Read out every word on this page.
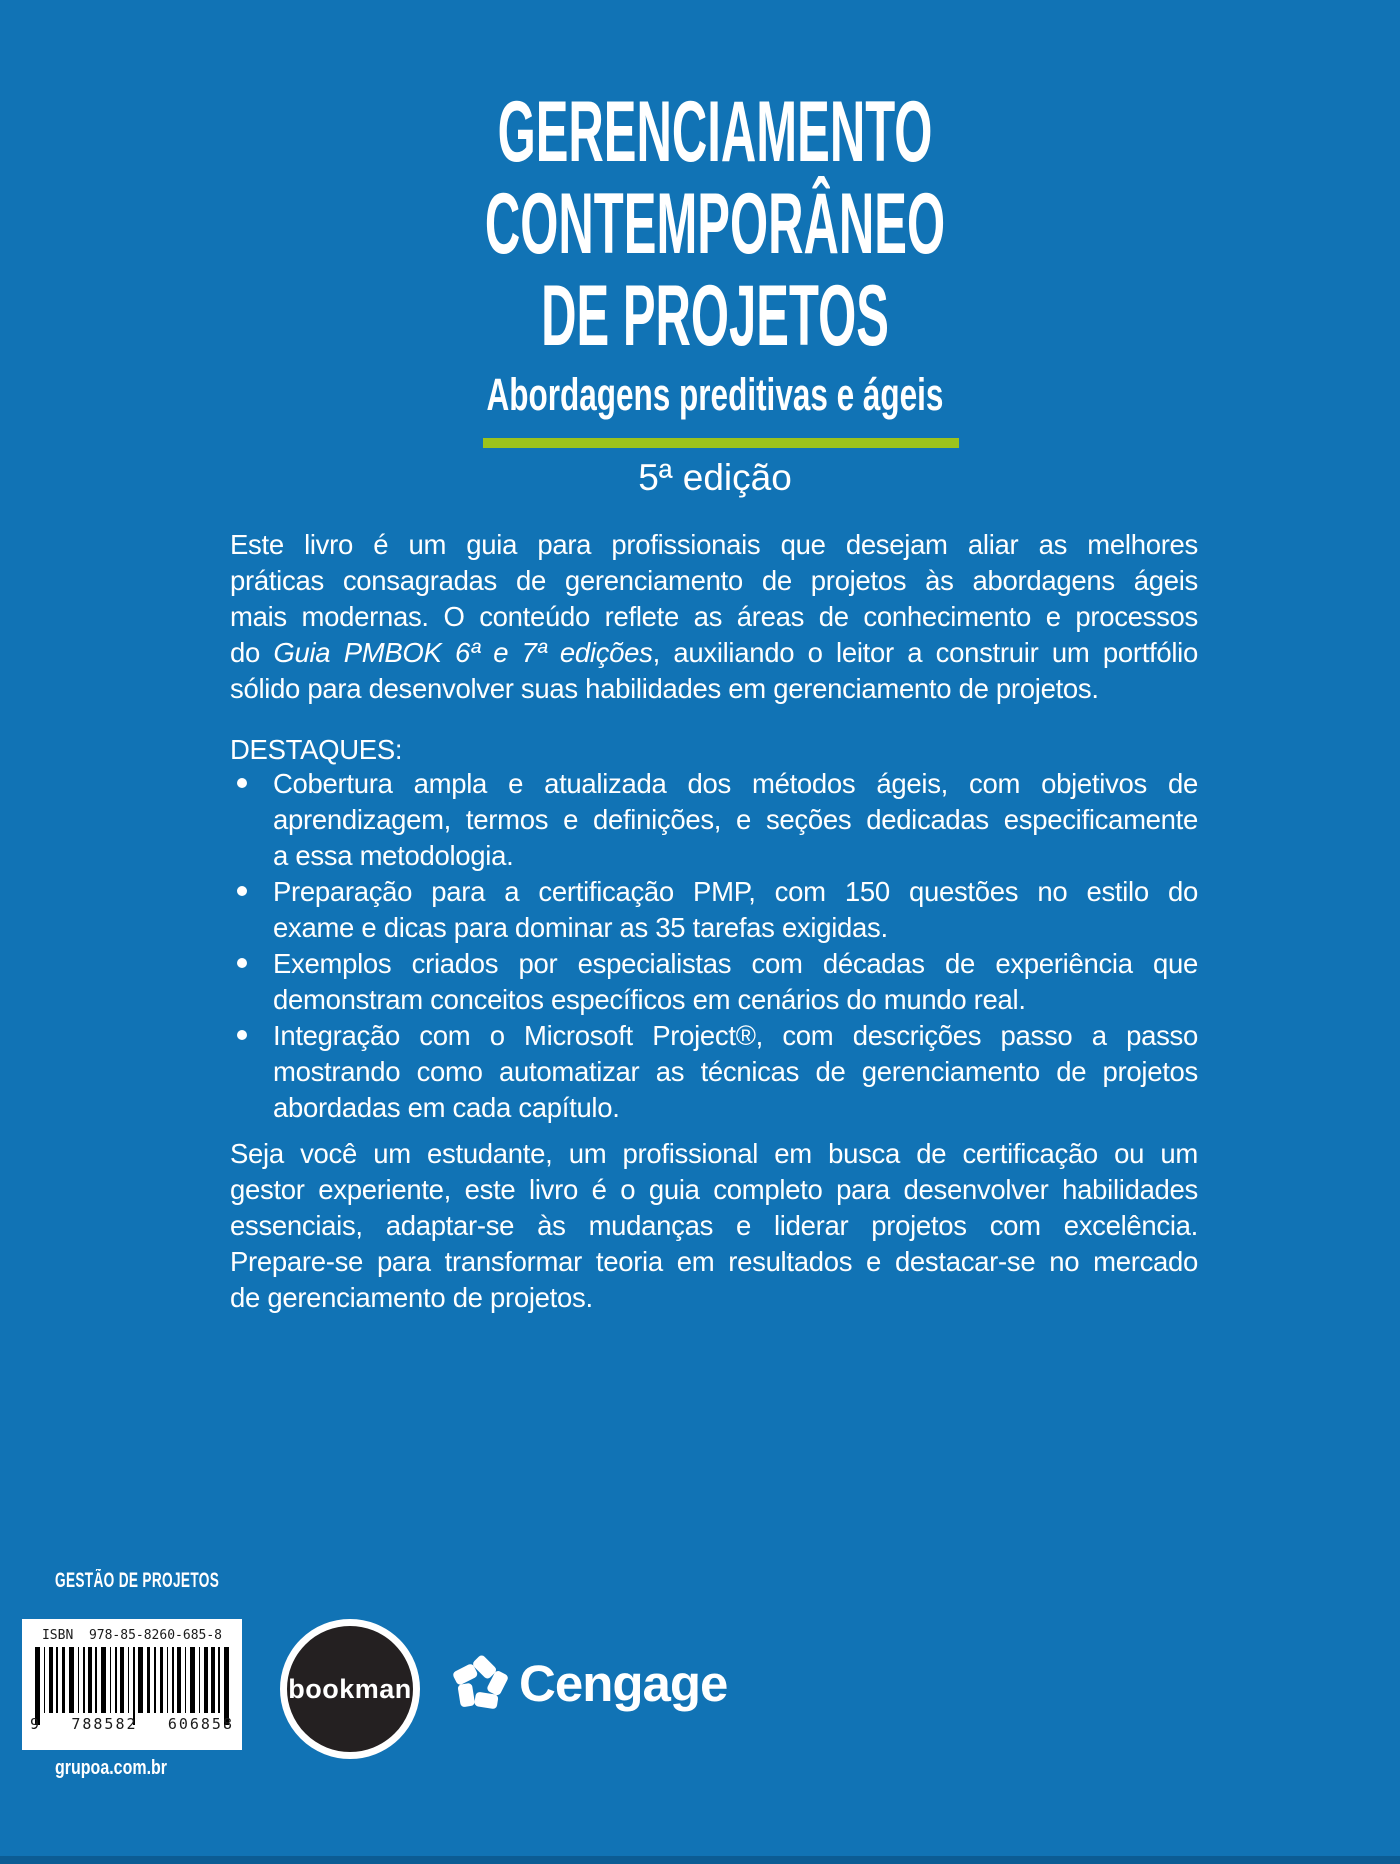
GERENCIAMENTO
CONTEMPORÂNEO
DE PROJETOS
Abordagens preditivas e ágeis
5ª edição
Este livro é um guia para profissionais que desejam aliar as melhores
práticas consagradas de gerenciamento de projetos às abordagens ágeis
mais modernas. O conteúdo reflete as áreas de conhecimento e processos
do Guia PMBOK 6ª e 7ª edições, auxiliando o leitor a construir um portfólio
sólido para desenvolver suas habilidades em gerenciamento de projetos.
DESTAQUES:
Cobertura ampla e atualizada dos métodos ágeis, com objetivos de
aprendizagem, termos e definições, e seções dedicadas especificamente
a essa metodologia.
Preparação para a certificação PMP, com 150 questões no estilo do
exame e dicas para dominar as 35 tarefas exigidas.
Exemplos criados por especialistas com décadas de experiência que
demonstram conceitos específicos em cenários do mundo real.
Integração com o Microsoft Project®, com descrições passo a passo
mostrando como automatizar as técnicas de gerenciamento de projetos
abordadas em cada capítulo.
Seja você um estudante, um profissional em busca de certificação ou um
gestor experiente, este livro é o guia completo para desenvolver habilidades
essenciais, adaptar-se às mudanças e liderar projetos com excelência.
Prepare-se para transformar teoria em resultados e destacar-se no mercado
de gerenciamento de projetos.
GESTÃO DE PROJETOS
ISBN  978-85-8260-685-8
9 788582 606858
bookman Cengage
grupoa.com.br
